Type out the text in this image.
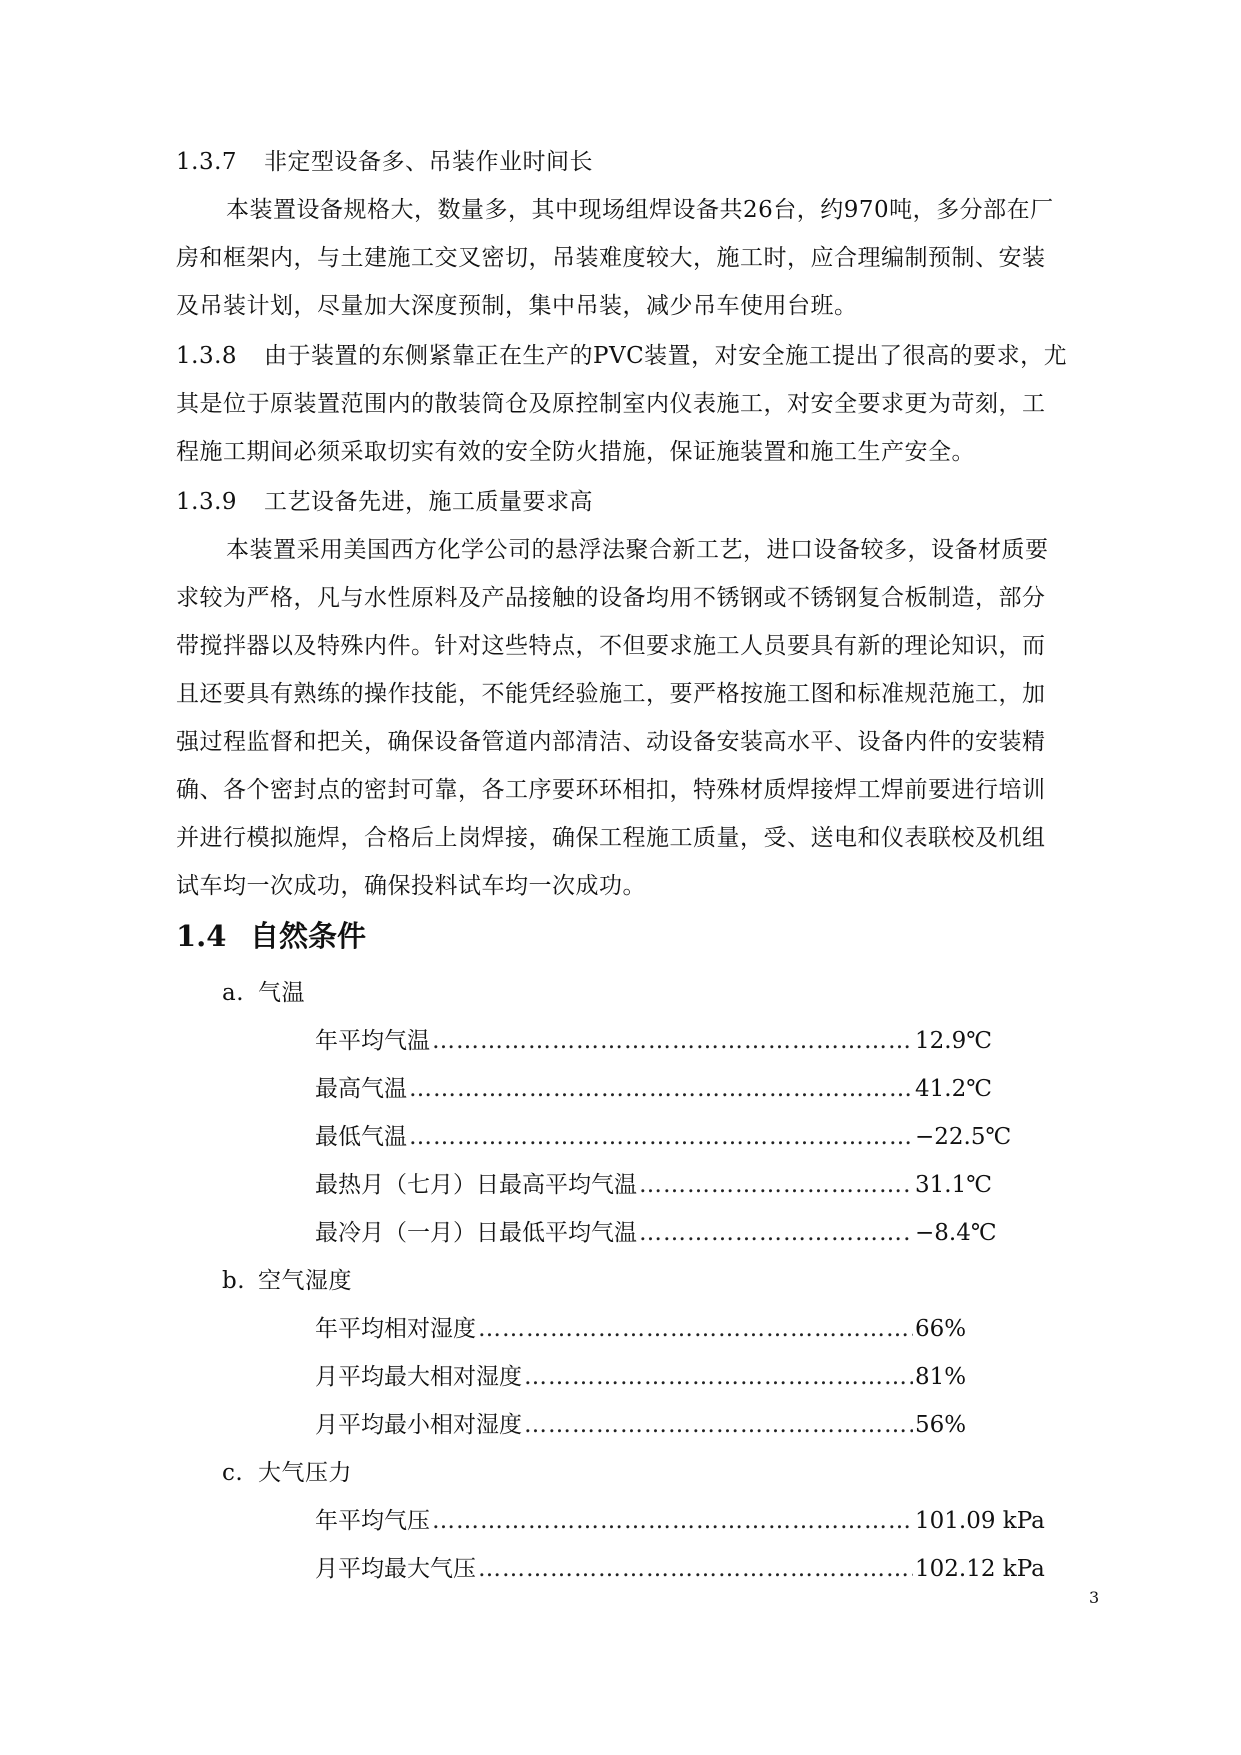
1.3.7 非定型设备多、吊装作业时间长
本装置设备规格大，数量多，其中现场组焊设备共26台，约970吨，多分部在厂
房和框架内，与土建施工交叉密切，吊装难度较大，施工时，应合理编制预制、安装
及吊装计划，尽量加大深度预制，集中吊装，减少吊车使用台班。
1.3.8 由于装置的东侧紧靠正在生产的PVC装置，对安全施工提出了很高的要求，尤
其是位于原装置范围内的散装筒仓及原控制室内仪表施工，对安全要求更为苛刻，工
程施工期间必须采取切实有效的安全防火措施，保证施装置和施工生产安全。
1.3.9 工艺设备先进，施工质量要求高
本装置采用美国西方化学公司的悬浮法聚合新工艺，进口设备较多，设备材质要
求较为严格，凡与水性原料及产品接触的设备均用不锈钢或不锈钢复合板制造，部分
带搅拌器以及特殊内件。针对这些特点，不但要求施工人员要具有新的理论知识，而
且还要具有熟练的操作技能，不能凭经验施工，要严格按施工图和标准规范施工，加
强过程监督和把关，确保设备管道内部清洁、动设备安装高水平、设备内件的安装精
确、各个密封点的密封可靠，各工序要环环相扣，特殊材质焊接焊工焊前要进行培训
并进行模拟施焊，合格后上岗焊接，确保工程施工质量，受、送电和仪表联校及机组
试车均一次成功，确保投料试车均一次成功。
1.4 自然条件
a. 气温
年平均气温 …………………………………………………………………………………………………………………………………………………………………………………………………………	12.9℃
最高气温 …………………………………………………………………………………………………………………………………………………………………………………………………………	41.2℃
最低气温 …………………………………………………………………………………………………………………………………………………………………………………………………………	−22.5℃
最热月（七月）日最高平均气温 …………………………………………………………………………………………………………………………………………………………………………………………………………	31.1℃
最冷月（一月）日最低平均气温 …………………………………………………………………………………………………………………………………………………………………………………………………………	−8.4℃
b. 空气湿度
年平均相对湿度 …………………………………………………………………………………………………………………………………………………………………………………………………………	66%
月平均最大相对湿度 …………………………………………………………………………………………………………………………………………………………………………………………………………	81%
月平均最小相对湿度 …………………………………………………………………………………………………………………………………………………………………………………………………………	56%
c. 大气压力
年平均气压 …………………………………………………………………………………………………………………………………………………………………………………………………………	101.09 kPa
月平均最大气压 …………………………………………………………………………………………………………………………………………………………………………………………………………	102.12 kPa
3
